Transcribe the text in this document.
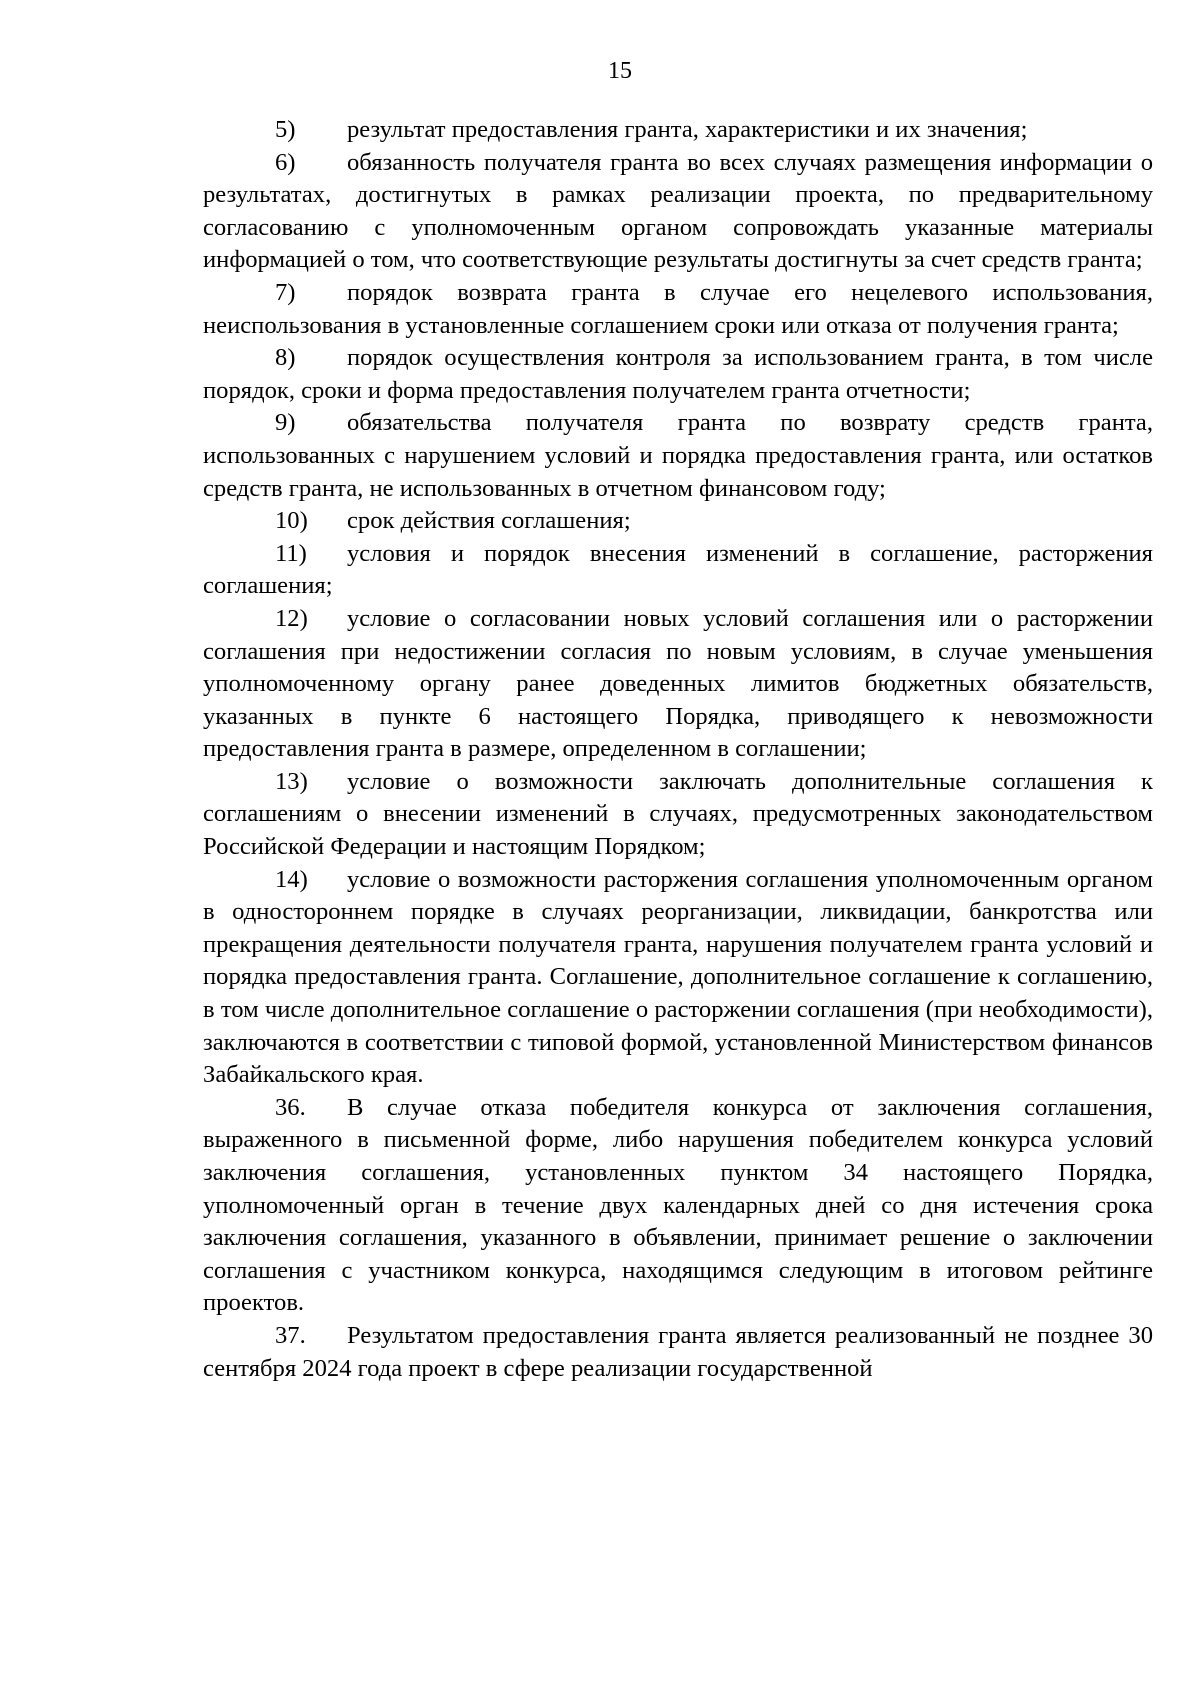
15

5) результат предоставления гранта, характеристики и их значения;

6) обязанность получателя гранта во всех случаях размещения информации о результатах, достигнутых в рамках реализации проекта, по предварительному согласованию с уполномоченным органом сопровождать указанные материалы информацией о том, что соответствующие результаты достигнуты за счет средств гранта;

7) порядок возврата гранта в случае его нецелевого использования, неиспользования в установленные соглашением сроки или отказа от получения гранта;

8) порядок осуществления контроля за использованием гранта, в том числе порядок, сроки и форма предоставления получателем гранта отчетности;

9) обязательства получателя гранта по возврату средств гранта, использованных с нарушением условий и порядка предоставления гранта, или остатков средств гранта, не использованных в отчетном финансовом году;

10) срок действия соглашения;

11) условия и порядок внесения изменений в соглашение, расторжения соглашения;

12) условие о согласовании новых условий соглашения или о расторжении соглашения при недостижении согласия по новым условиям, в случае уменьшения уполномоченному органу ранее доведенных лимитов бюджетных обязательств, указанных в пункте 6 настоящего Порядка, приводящего к невозможности предоставления гранта в размере, определенном в соглашении;

13) условие о возможности заключать дополнительные соглашения к соглашениям о внесении изменений в случаях, предусмотренных законодательством Российской Федерации и настоящим Порядком;

14) условие о возможности расторжения соглашения уполномоченным органом в одностороннем порядке в случаях реорганизации, ликвидации, банкротства или прекращения деятельности получателя гранта, нарушения получателем гранта условий и порядка предоставления гранта. Соглашение, дополнительное соглашение к соглашению, в том числе дополнительное соглашение о расторжении соглашения (при необходимости), заключаются в соответствии с типовой формой, установленной Министерством финансов Забайкальского края.

36. В случае отказа победителя конкурса от заключения соглашения, выраженного в письменной форме, либо нарушения победителем конкурса условий заключения соглашения, установленных пунктом 34 настоящего Порядка, уполномоченный орган в течение двух календарных дней со дня истечения срока заключения соглашения, указанного в объявлении, принимает решение о заключении соглашения с участником конкурса, находящимся следующим в итоговом рейтинге проектов.

37. Результатом предоставления гранта является реализованный не позднее 30 сентября 2024 года проект в сфере реализации государственной
